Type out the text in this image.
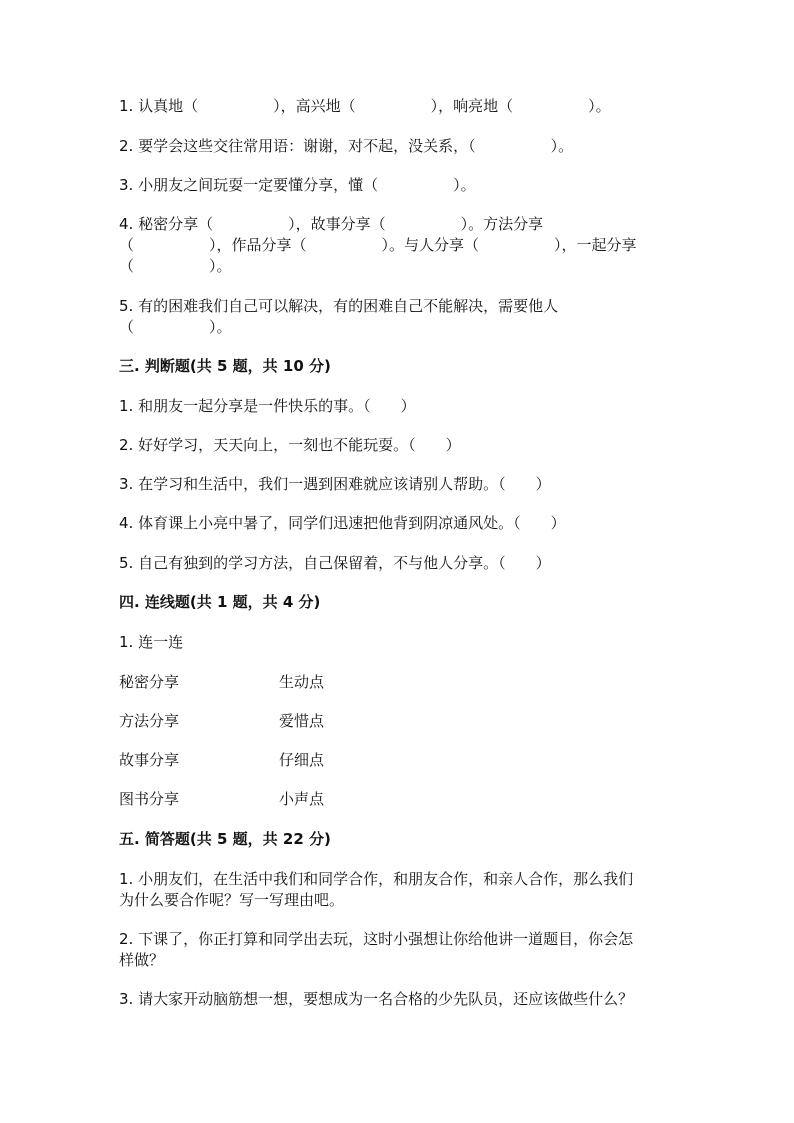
1. 认真地（　　　　　），高兴地（　　　　　），响亮地（　　　　　）。
2. 要学会这些交往常用语：谢谢，对不起，没关系，（　　　　　）。
3. 小朋友之间玩耍一定要懂分享，懂（　　　　　）。
4. 秘密分享（　　　　　），故事分享（　　　　　）。方法分享
（　　　　　），作品分享（　　　　　）。与人分享（　　　　　），一起分享
（　　　　　）。
5. 有的困难我们自己可以解决，有的困难自己不能解决，需要他人
（　　　　　）。
三. 判断题(共 5 题，共 10 分)
1. 和朋友一起分享是一件快乐的事。（　　）
2. 好好学习，天天向上，一刻也不能玩耍。（　　）
3. 在学习和生活中，我们一遇到困难就应该请别人帮助。（　　）
4. 体育课上小亮中暑了，同学们迅速把他背到阴凉通风处。（　　）
5. 自己有独到的学习方法，自己保留着，不与他人分享。（　　）
四. 连线题(共 1 题，共 4 分)
1. 连一连
秘密分享	生动点
方法分享	爱惜点
故事分享	仔细点
图书分享	小声点
五. 简答题(共 5 题，共 22 分)
1. 小朋友们，在生活中我们和同学合作，和朋友合作，和亲人合作，那么我们
为什么要合作呢？写一写理由吧。
2. 下课了，你正打算和同学出去玩，这时小强想让你给他讲一道题目，你会怎
样做？
3. 请大家开动脑筋想一想，要想成为一名合格的少先队员，还应该做些什么？
